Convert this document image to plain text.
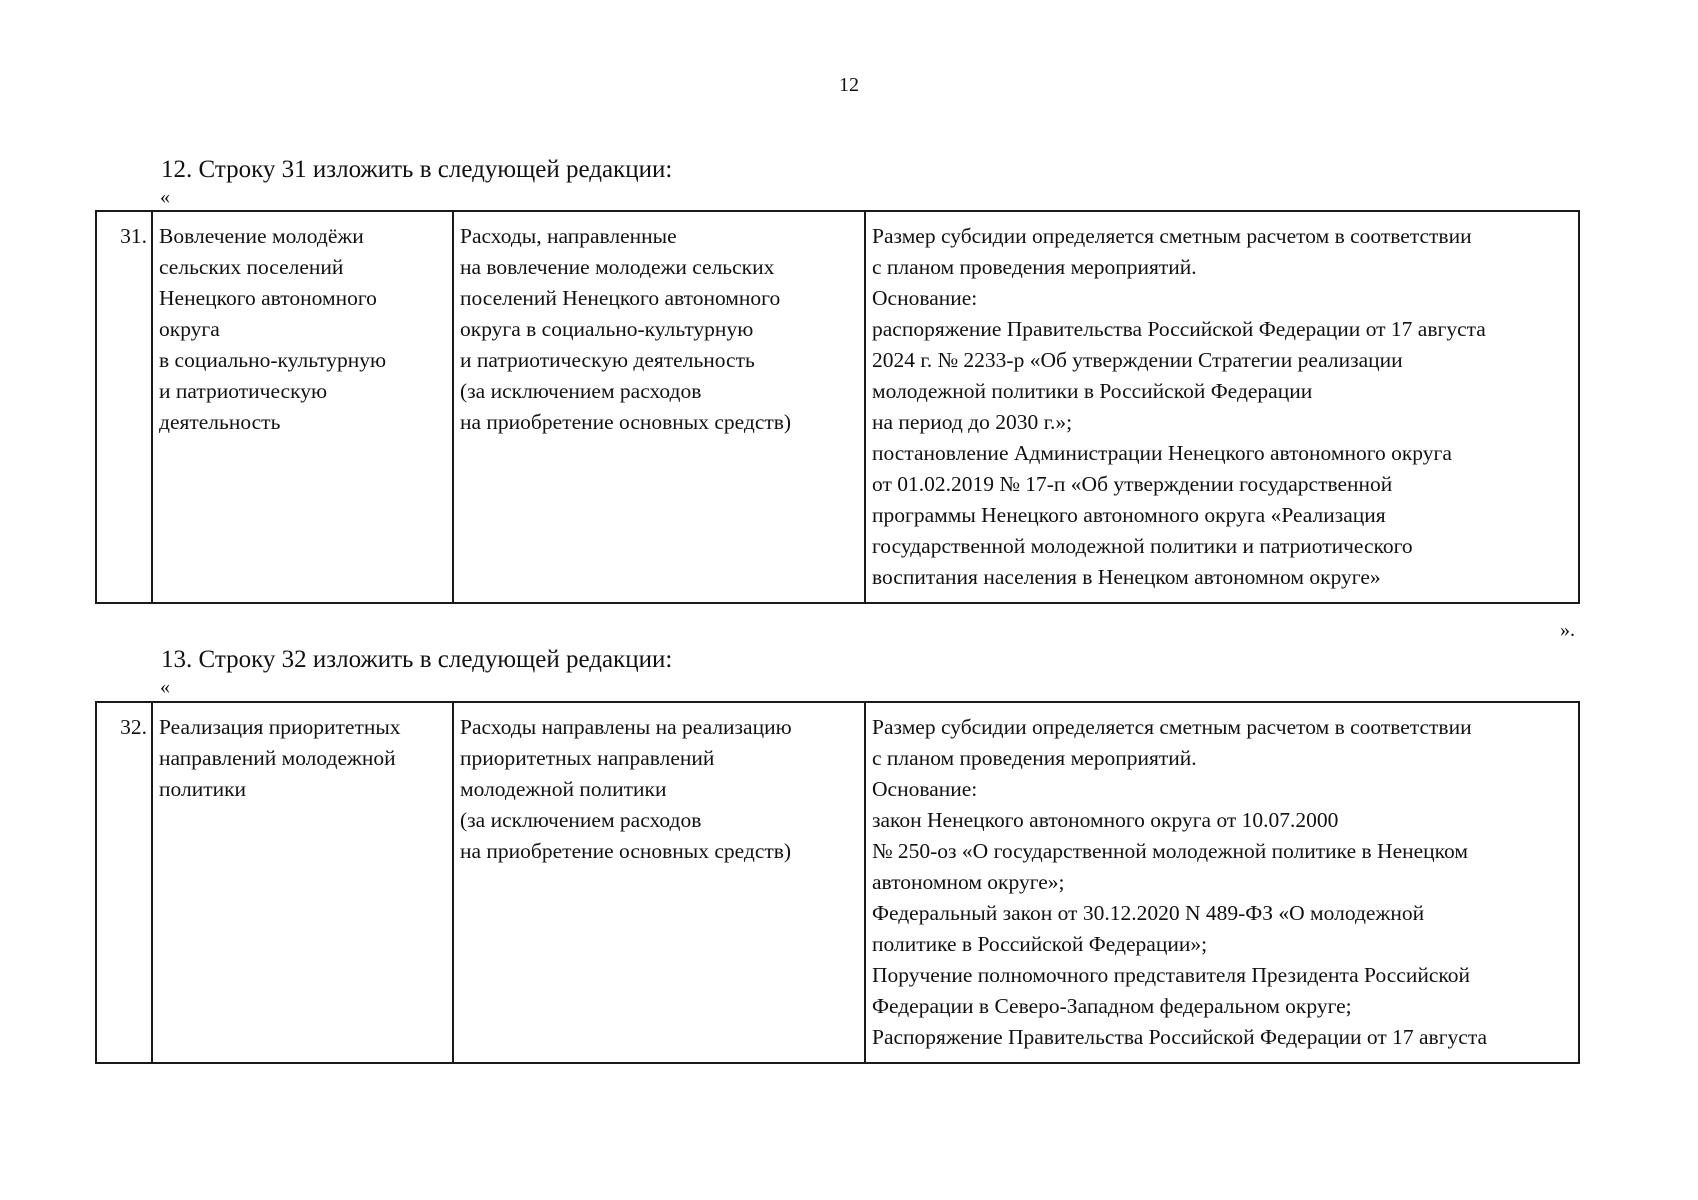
12
12. Строку 31 изложить в следующей редакции:
«
31.	Вовлечение молодёжи
сельских поселений
Ненецкого автономного
округа
в социально-культурную
и патриотическую
деятельность

Расходы, направленные
на вовлечение молодежи сельских
поселений Ненецкого автономного
округа в социально-культурную
и патриотическую деятельность
(за исключением расходов
на приобретение основных средств)

Размер субсидии определяется сметным расчетом в соответствии
с планом проведения мероприятий.
Основание:
распоряжение Правительства Российской Федерации от 17 августа
2024 г. № 2233-р «Об утверждении Стратегии реализации
молодежной политики в Российской Федерации
на период до 2030 г.»;
постановление Администрации Ненецкого автономного округа
от 01.02.2019 № 17-п «Об утверждении государственной
программы Ненецкого автономного округа «Реализация
государственной молодежной политики и патриотического
воспитания населения в Ненецком автономном округе»
».
13. Строку 32 изложить в следующей редакции:
«
32.	Реализация приоритетных
направлений молодежной
политики

Расходы направлены на реализацию
приоритетных направлений
молодежной политики
(за исключением расходов
на приобретение основных средств)

Размер субсидии определяется сметным расчетом в соответствии
с планом проведения мероприятий.
Основание:
закон Ненецкого автономного округа от 10.07.2000
№ 250-оз «О государственной молодежной политике в Ненецком
автономном округе»;
Федеральный закон от 30.12.2020 N 489-ФЗ «О молодежной
политике в Российской Федерации»;
Поручение полномочного представителя Президента Российской
Федерации в Северо-Западном федеральном округе;
Распоряжение Правительства Российской Федерации от 17 августа
